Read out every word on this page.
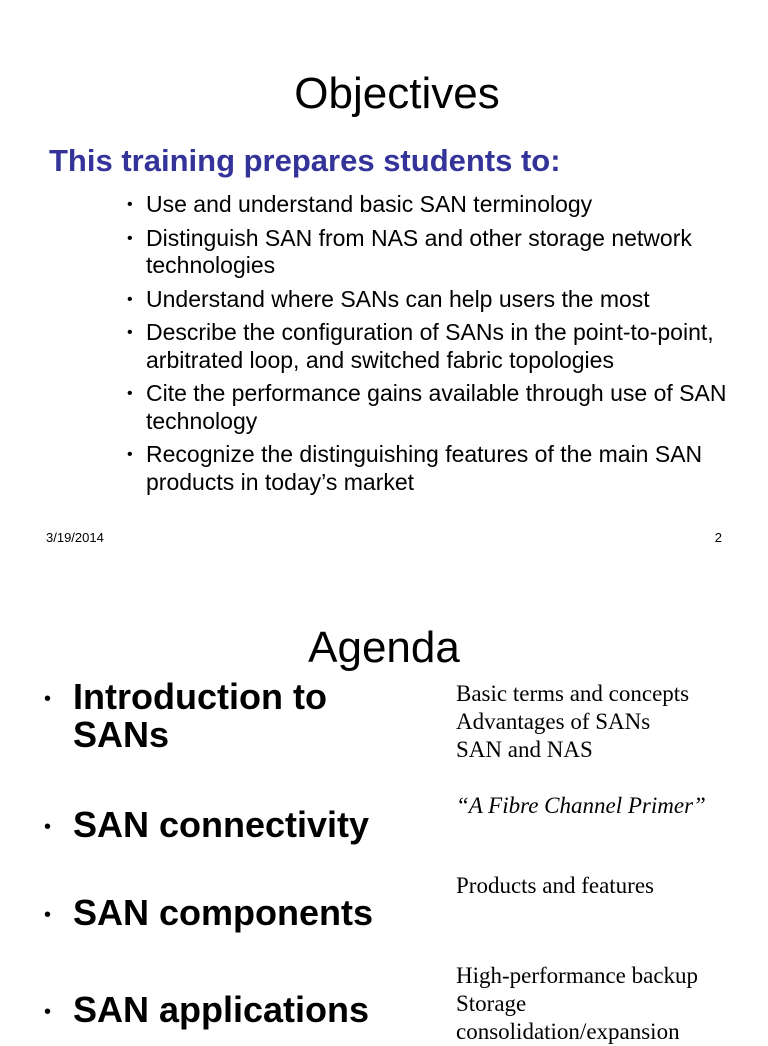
Objectives
This training prepares students to:
• Use and understand basic SAN terminology
• Distinguish SAN from NAS and other storage network technologies
• Understand where SANs can help users the most
• Describe the configuration of SANs in the point-to-point, arbitrated loop, and switched fabric topologies
• Cite the performance gains available through use of SAN technology
• Recognize the distinguishing features of the main SAN products in today’s market
3/19/2014	2
Agenda
• Introduction to SANs
Basic terms and concepts
Advantages of SANs
SAN and NAS
• SAN connectivity	“A Fibre Channel Primer”
• SAN components
Products and features
• SAN applications
High-performance backup
Storage
consolidation/expansion
